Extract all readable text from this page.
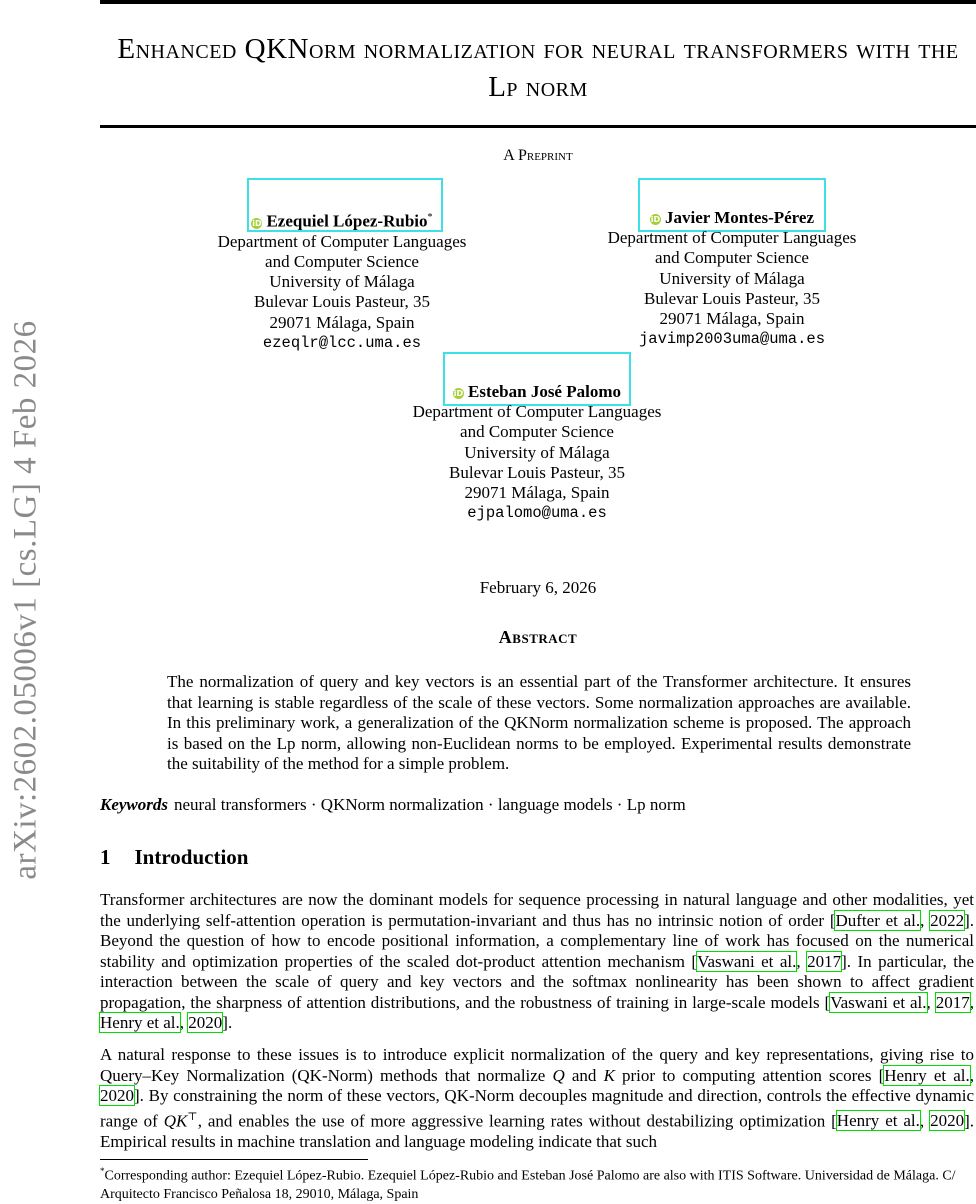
arXiv:2602.05006v1 [cs.LG] 4 Feb 2026
Enhanced QKNorm normalization for neural transformers with the Lp norm
A Preprint
iD Ezequiel López-Rubio*
Department of Computer Languages
and Computer Science
University of Málaga
Bulevar Louis Pasteur, 35
29071 Málaga, Spain
ezeqlr@lcc.uma.es
iD Javier Montes-Pérez
Department of Computer Languages
and Computer Science
University of Málaga
Bulevar Louis Pasteur, 35
29071 Málaga, Spain
javimp2003uma@uma.es
iD Esteban José Palomo
Department of Computer Languages
and Computer Science
University of Málaga
Bulevar Louis Pasteur, 35
29071 Málaga, Spain
ejpalomo@uma.es
February 6, 2026
Abstract
The normalization of query and key vectors is an essential part of the Transformer architecture. It ensures that learning is stable regardless of the scale of these vectors. Some normalization approaches are available. In this preliminary work, a generalization of the QKNorm normalization scheme is proposed. The approach is based on the Lp norm, allowing non-Euclidean norms to be employed. Experimental results demonstrate the suitability of the method for a simple problem.
Keywords neural transformers · QKNorm normalization · language models · Lp norm
1 Introduction
Transformer architectures are now the dominant models for sequence processing in natural language and other modalities, yet the underlying self-attention operation is permutation-invariant and thus has no intrinsic notion of order [Dufter et al., 2022]. Beyond the question of how to encode positional information, a complementary line of work has focused on the numerical stability and optimization properties of the scaled dot-product attention mechanism [Vaswani et al., 2017]. In particular, the interaction between the scale of query and key vectors and the softmax nonlinearity has been shown to affect gradient propagation, the sharpness of attention distributions, and the robustness of training in large-scale models [Vaswani et al., 2017, Henry et al., 2020].
A natural response to these issues is to introduce explicit normalization of the query and key representations, giving rise to Query–Key Normalization (QK-Norm) methods that normalize Q and K prior to computing attention scores [Henry et al., 2020]. By constraining the norm of these vectors, QK-Norm decouples magnitude and direction, controls the effective dynamic range of QK⊤, and enables the use of more aggressive learning rates without destabilizing optimization [Henry et al., 2020]. Empirical results in machine translation and language modeling indicate that such
*Corresponding author: Ezequiel López-Rubio. Ezequiel López-Rubio and Esteban José Palomo are also with ITIS Software. Universidad de Málaga. C/ Arquitecto Francisco Peñalosa 18, 29010, Málaga, Spain
